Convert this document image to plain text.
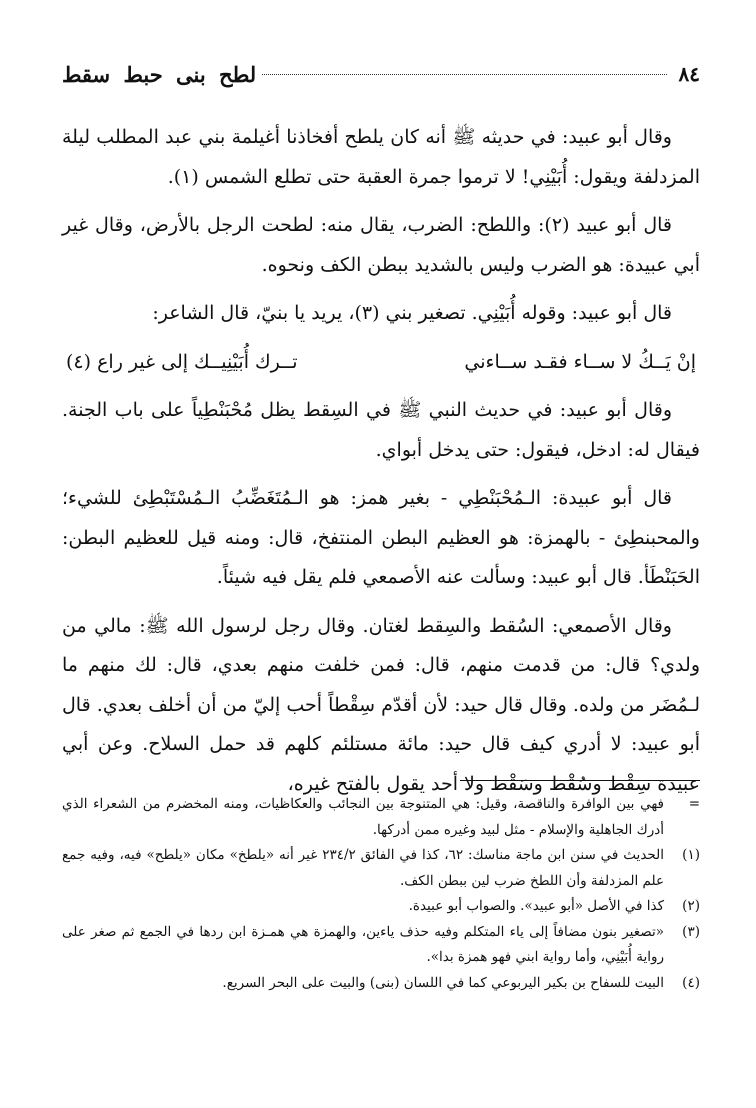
٨٤
لطح بنى حبط سقط

وقال أبو عبيد: في حديثه ﷺ أنه كان يلطح أفخاذنا أغيلمة بني عبد المطلب ليلة المزدلفة ويقول: أُبَيْنِي! لا ترموا جمرة العقبة حتى تطلع الشمس (١).

قال أبو عبيد (٢): واللطح: الضرب، يقال منه: لطحت الرجل بالأرض، وقال غير أبي عبيدة: هو الضرب وليس بالشديد ببطن الكف ونحوه.

قال أبو عبيد: وقوله أُبَيْنِي. تصغير بني (٣)، يريد يا بنيّ، قال الشاعر:

إنْ يَــكُ لا ســاء فقـد ســاءني
تــرك أُبَيْنِيــك إلى غير راع (٤)

وقال أبو عبيد: في حديث النبي ﷺ في السِقط يظل مُحْبَنْطِياً على باب الجنة. فيقال له: ادخل، فيقول: حتى يدخل أبواي.

قال أبو عبيدة: الـمُحْبَنْطِي - بغير همز: هو الـمُتَغَضِّبُ الـمُسْتَبْطِئ للشيء؛ والمحبنطِئ - بالهمزة: هو العظيم البطن المنتفخ، قال: ومنه قيل للعظيم البطن: الحَبَنْطَأ. قال أبو عبيد: وسألت عنه الأصمعي فلم يقل فيه شيئاً.

وقال الأصمعي: السُقط والسِقط لغتان. وقال رجل لرسول الله ﷺ: مالي من ولدي؟ قال: من قدمت منهم، قال: فمن خلفت منهم بعدي، قال: لك منهم ما لـمُضَر من ولده. وقال قال حيد: لأن أقدّم سِقْطاً أحب إليّ من أن أخلف بعدي. قال أبو عبيد: لا أدري كيف قال حيد: مائة مستلئم كلهم قد حمل السلاح. وعن أبي عبيدة سِقْط وسُقْط وسَقْط ولا أحد يقول بالفتح غيره،

=
فهي بين الوافرة والناقصة، وقيل: هي المتنوجة بين النجائب والعكاظيات، ومنه المخضرم من الشعراء الذي أدرك الجاهلية والإسلام - مثل لبيد وغيره ممن أدركها.
(١)
الحديث في سنن ابن ماجة مناسك: ٦٢، كذا في الفائق ٢٣٤/٢ غير أنه «يلطخ» مكان «يلطح» فيه، وفيه جمع علم المزدلفة وأن اللطخ ضرب لين ببطن الكف.
(٢)
كذا في الأصل «أبو عبيد». والصواب أبو عبيدة.
(٣)
«تصغير بنون مضافاً إلى ياء المتكلم وفيه حذف ياءين، والهمزة هي همـزة ابن ردها في الجمع ثم صغر على رواية أُبَيْنِي، وأما رواية ابني فهو همزة بدا».
(٤)
البيت للسفاح بن بكير اليربوعي كما في اللسان (بنى) والبيت على البحر السريع.
